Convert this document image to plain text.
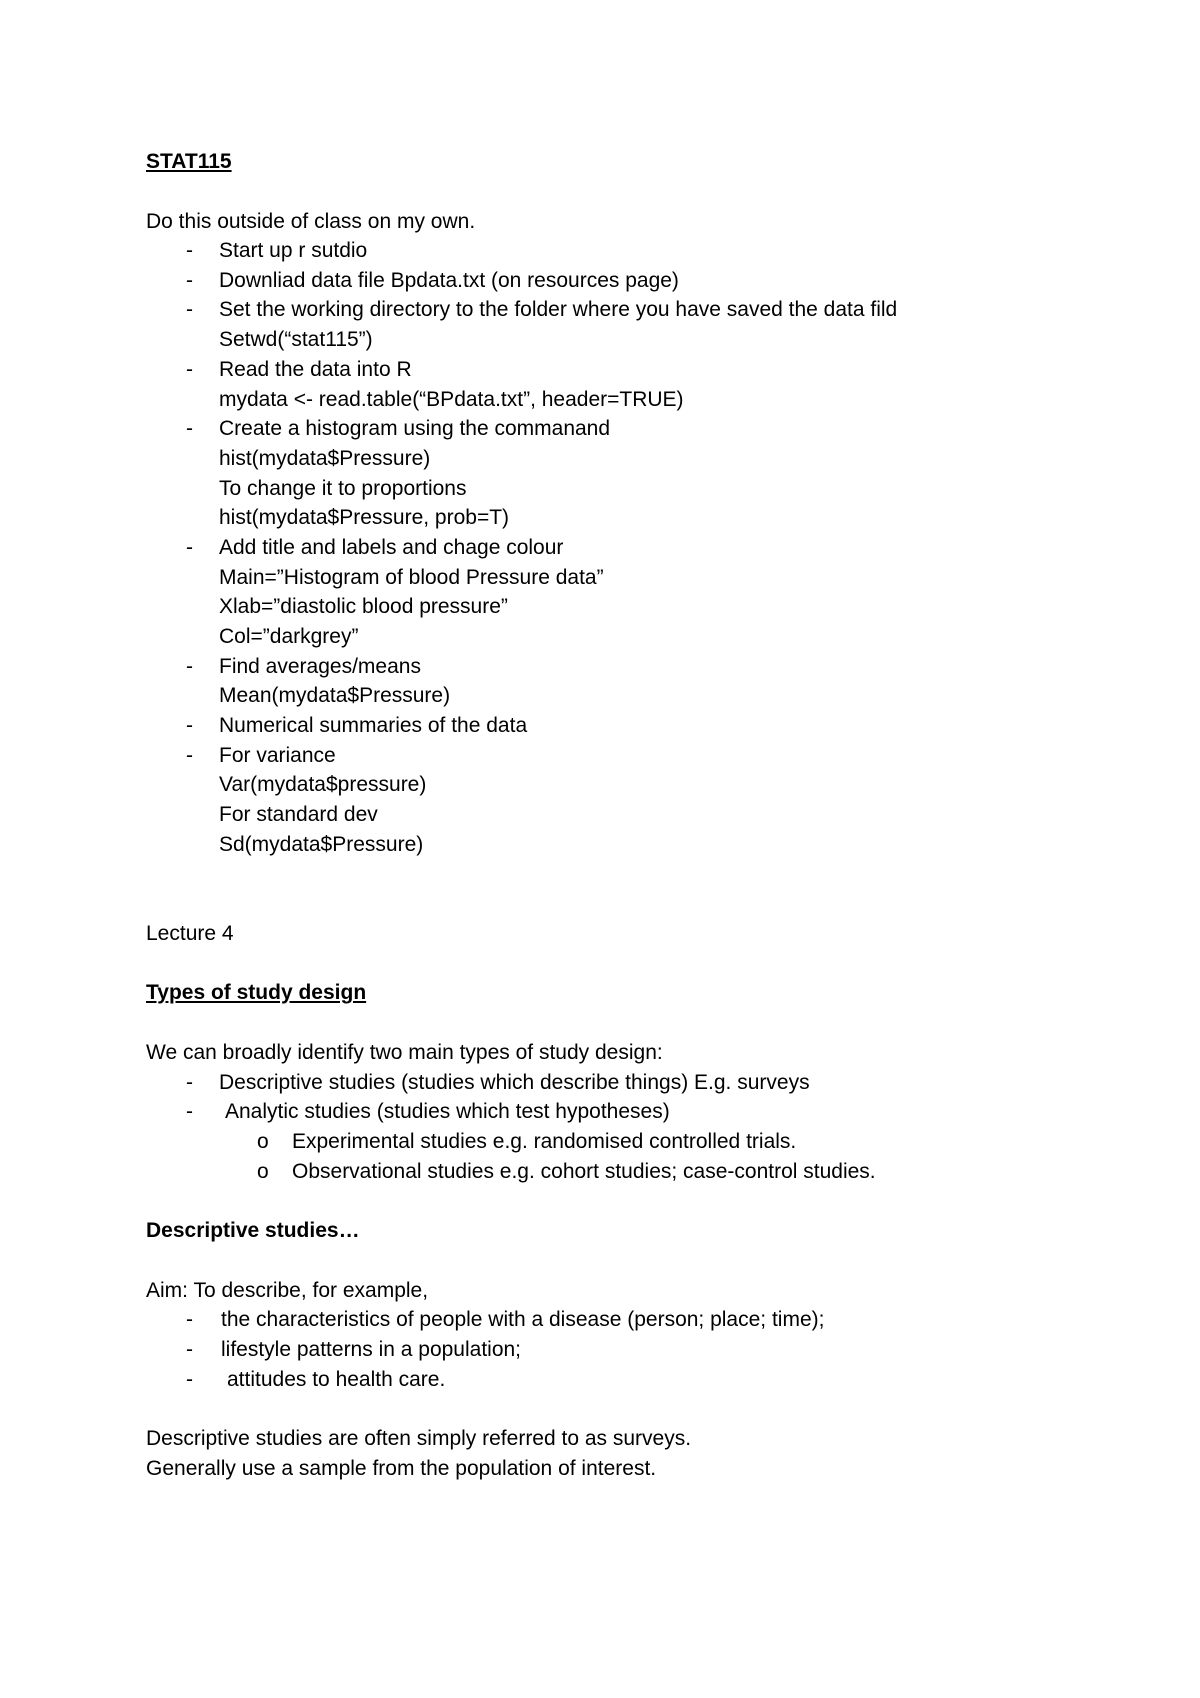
STAT115
Do this outside of class on my own.
- Start up r sutdio
- Downliad data file Bpdata.txt (on resources page)
- Set the working directory to the folder where you have saved the data fild
Setwd(“stat115”)
- Read the data into R
mydata <- read.table(“BPdata.txt”, header=TRUE)
- Create a histogram using the commanand
hist(mydata$Pressure)
To change it to proportions
hist(mydata$Pressure, prob=T)
- Add title and labels and chage colour
Main=”Histogram of blood Pressure data”
Xlab=”diastolic blood pressure”
Col=”darkgrey”
- Find averages/means
Mean(mydata$Pressure)
- Numerical summaries of the data
- For variance
Var(mydata$pressure)
For standard dev
Sd(mydata$Pressure)
Lecture 4
Types of study design
We can broadly identify two main types of study design:
- Descriptive studies (studies which describe things) E.g. surveys
- Analytic studies (studies which test hypotheses)
o Experimental studies e.g. randomised controlled trials.
o Observational studies e.g. cohort studies; case-control studies.
Descriptive studies…
Aim: To describe, for example,
- the characteristics of people with a disease (person; place; time);
- lifestyle patterns in a population;
- attitudes to health care.
Descriptive studies are often simply referred to as surveys.
Generally use a sample from the population of interest.
